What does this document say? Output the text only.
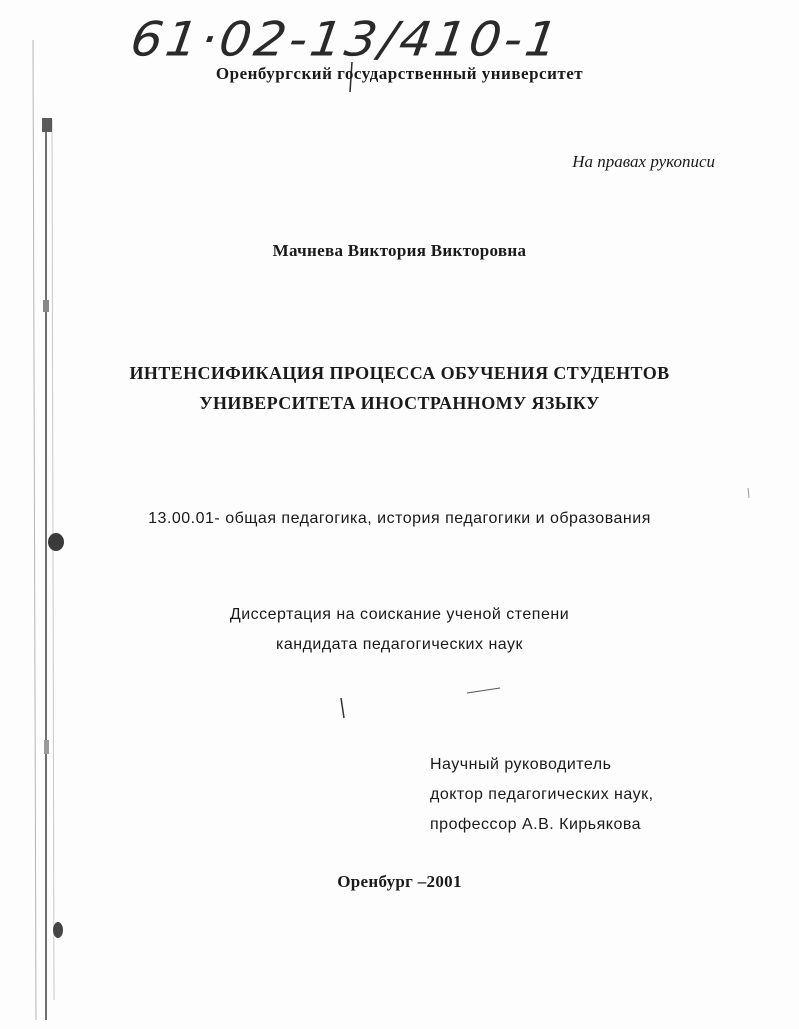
61·02-13/410-1
Оренбургский государственный университет
На правах рукописи
Мачнева Виктория Викторовна
ИНТЕНСИФИКАЦИЯ ПРОЦЕССА ОБУЧЕНИЯ СТУДЕНТОВ
УНИВЕРСИТЕТА ИНОСТРАННОМУ ЯЗЫКУ
13.00.01- общая педагогика, история педагогики и образования
Диссертация на соискание ученой степени
кандидата педагогических наук
Научный руководитель
доктор педагогических наук,
профессор А.В. Кирьякова
Оренбург –2001
